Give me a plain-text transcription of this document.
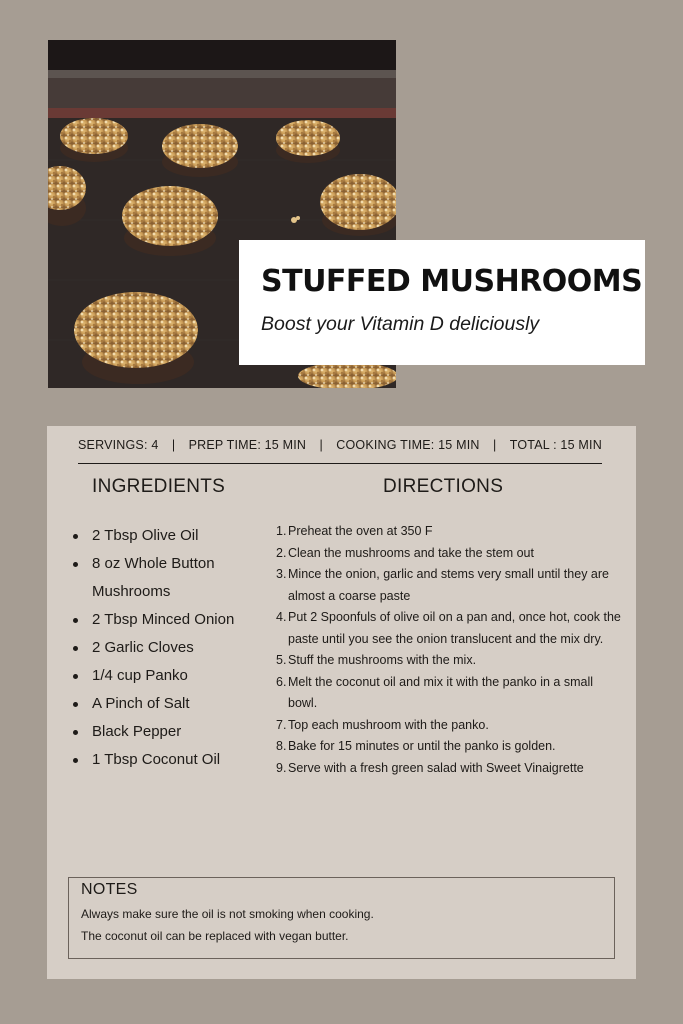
STUFFED MUSHROOMS

Boost your Vitamin D deliciously

SERVINGS: 4 | PREP TIME: 15 MIN | COOKING TIME: 15 MIN | TOTAL : 15 MIN
INGREDIENTS	DIRECTIONS
2 Tbsp Olive Oil
8 oz Whole Button Mushrooms
2 Tbsp Minced Onion
2 Garlic Cloves
1/4 cup Panko
A Pinch of Salt
Black Pepper
1 Tbsp Coconut Oil
1. Preheat the oven at 350 F
2. Clean the mushrooms and take the stem out
3. Mince the onion, garlic and stems very small until they are almost a coarse paste
4. Put 2 Spoonfuls of olive oil on a pan and, once hot, cook the paste until you see the onion translucent and the mix dry.
5. Stuff the mushrooms with the mix.
6. Melt the coconut oil and mix it with the panko in a small bowl.
7. Top each mushroom with the panko.
8. Bake for 15 minutes or until the panko is golden.
9. Serve with a fresh green salad with Sweet Vinaigrette
NOTES
Always make sure the oil is not smoking when cooking.
The coconut oil can be replaced with vegan butter.
